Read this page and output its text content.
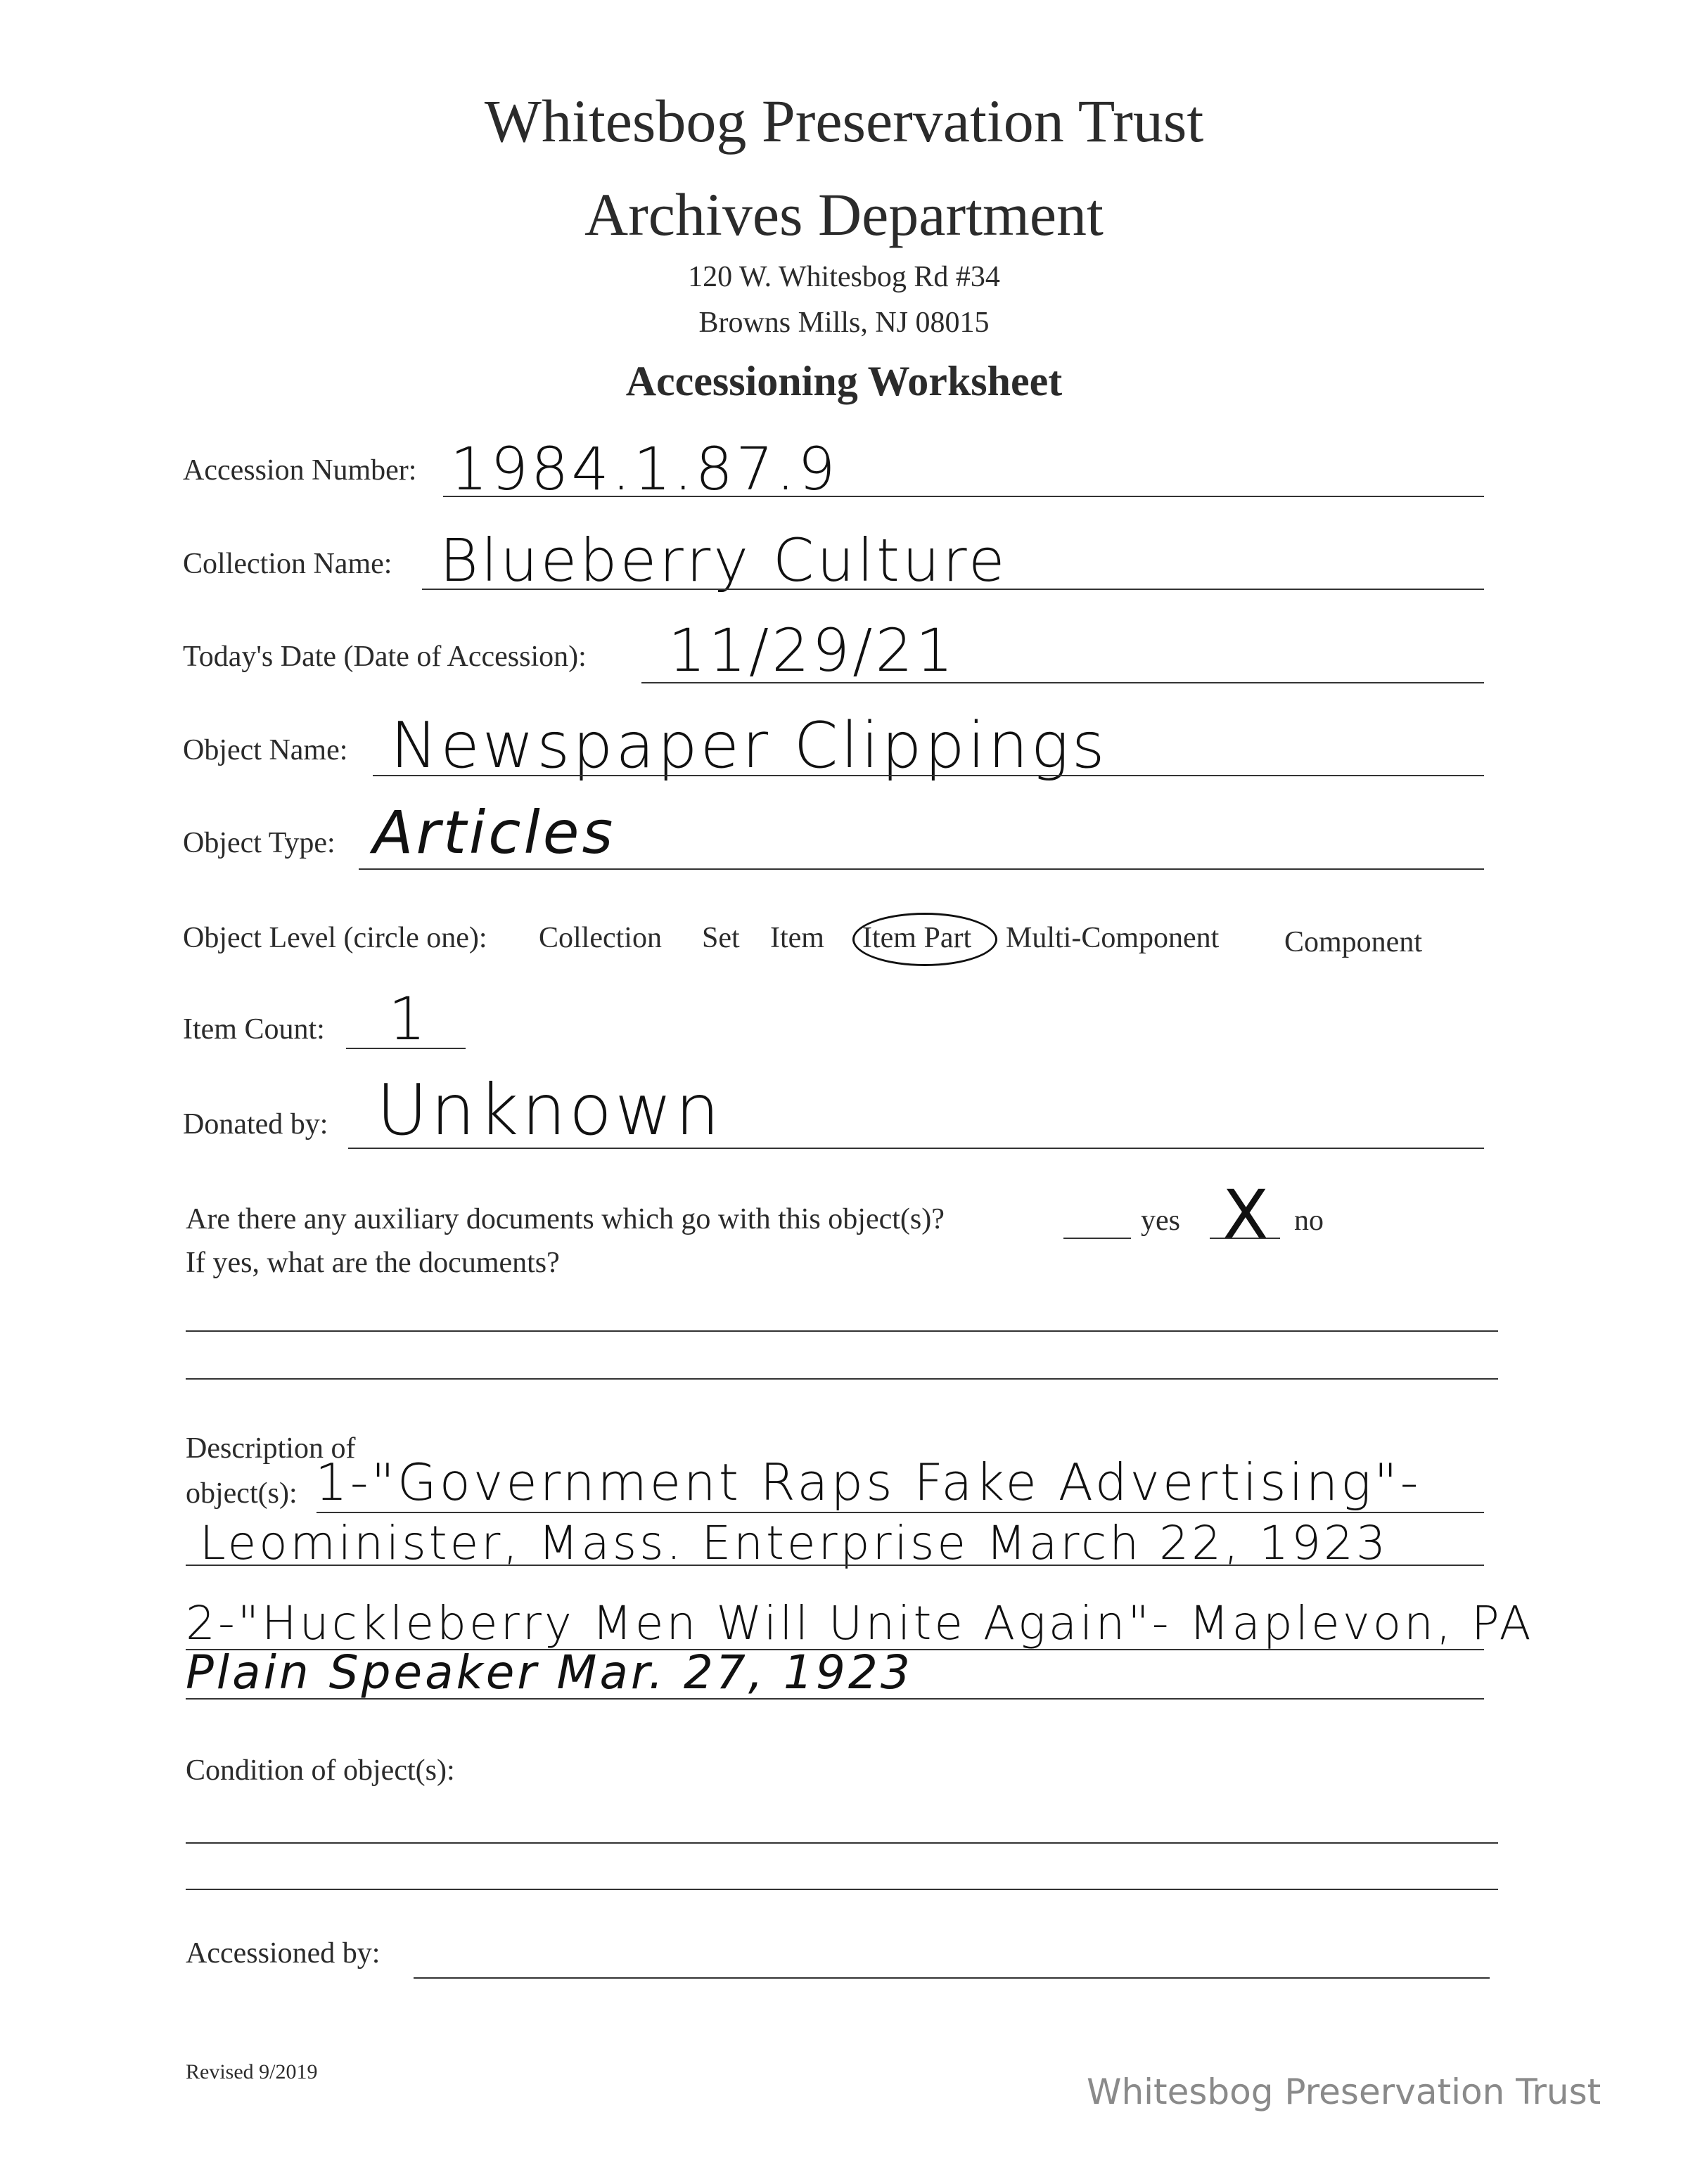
Whitesbog Preservation Trust
Archives Department
120 W. Whitesbog Rd #34
Browns Mills, NJ 08015
Accessioning Worksheet
Accession Number: 1984.1.87.9
Collection Name: Blueberry Culture
Today's Date (Date of Accession): 11/29/21
Object Name: Newspaper Clippings
Object Type: Articles
Object Level (circle one): Collection Set Item Item Part Multi-Component Component
Item Count: 1
Donated by: Unknown
Are there any auxiliary documents which go with this object(s)?	yes X no
If yes, what are the documents?
Description of
object(s): 1-"Government Raps Fake Advertising"-
Leominister, Mass. Enterprise March 22, 1923
2-"Huckleberry Men Will Unite Again"- Maplevon, PA
Plain Speaker Mar. 27, 1923
Condition of object(s):
Accessioned by:
Revised 9/2019	Whitesbog Preservation Trust
